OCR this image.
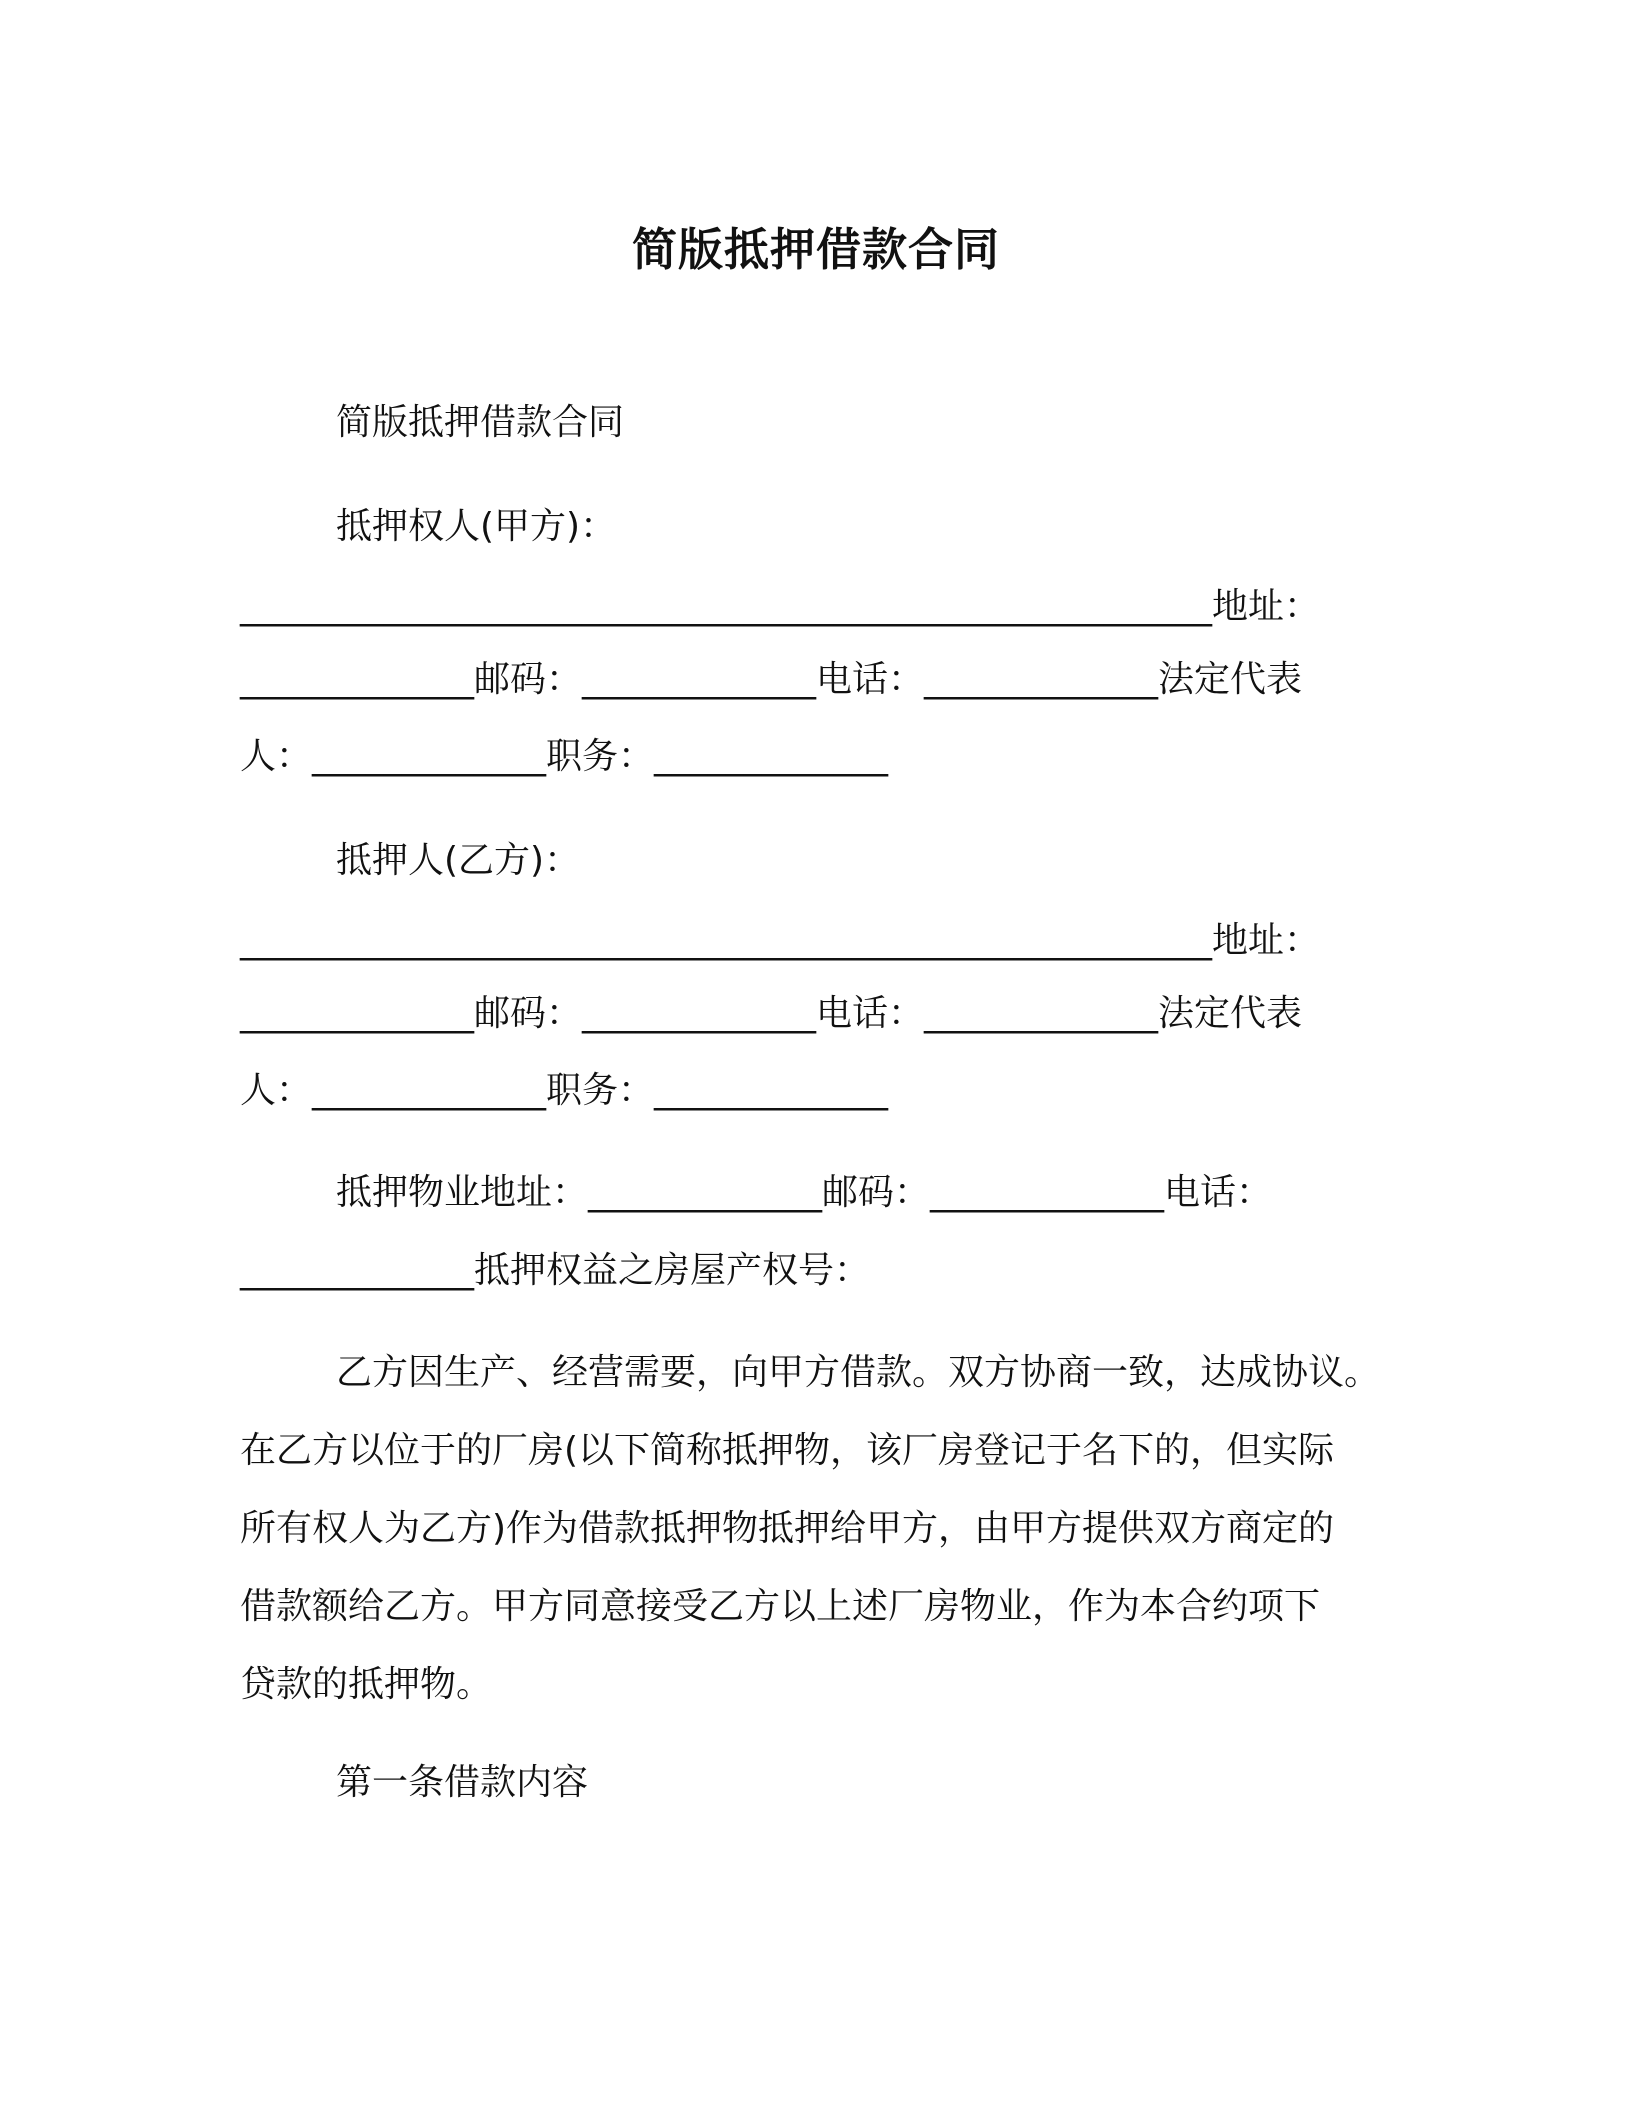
简版抵押借款合同
简版抵押借款合同
抵押权人(甲方)：
______________________________________________________地址：
_____________邮码：_____________电话：_____________法定代表
人：_____________职务：_____________
抵押人(乙方)：
______________________________________________________地址：
_____________邮码：_____________电话：_____________法定代表
人：_____________职务：_____________
抵押物业地址：_____________邮码：_____________电话：
_____________抵押权益之房屋产权号：
乙方因生产、经营需要，向甲方借款。双方协商一致，达成协议。
在乙方以位于的厂房(以下简称抵押物，该厂房登记于名下的，但实际
所有权人为乙方)作为借款抵押物抵押给甲方，由甲方提供双方商定的
借款额给乙方。甲方同意接受乙方以上述厂房物业，作为本合约项下
贷款的抵押物。
第一条借款内容
